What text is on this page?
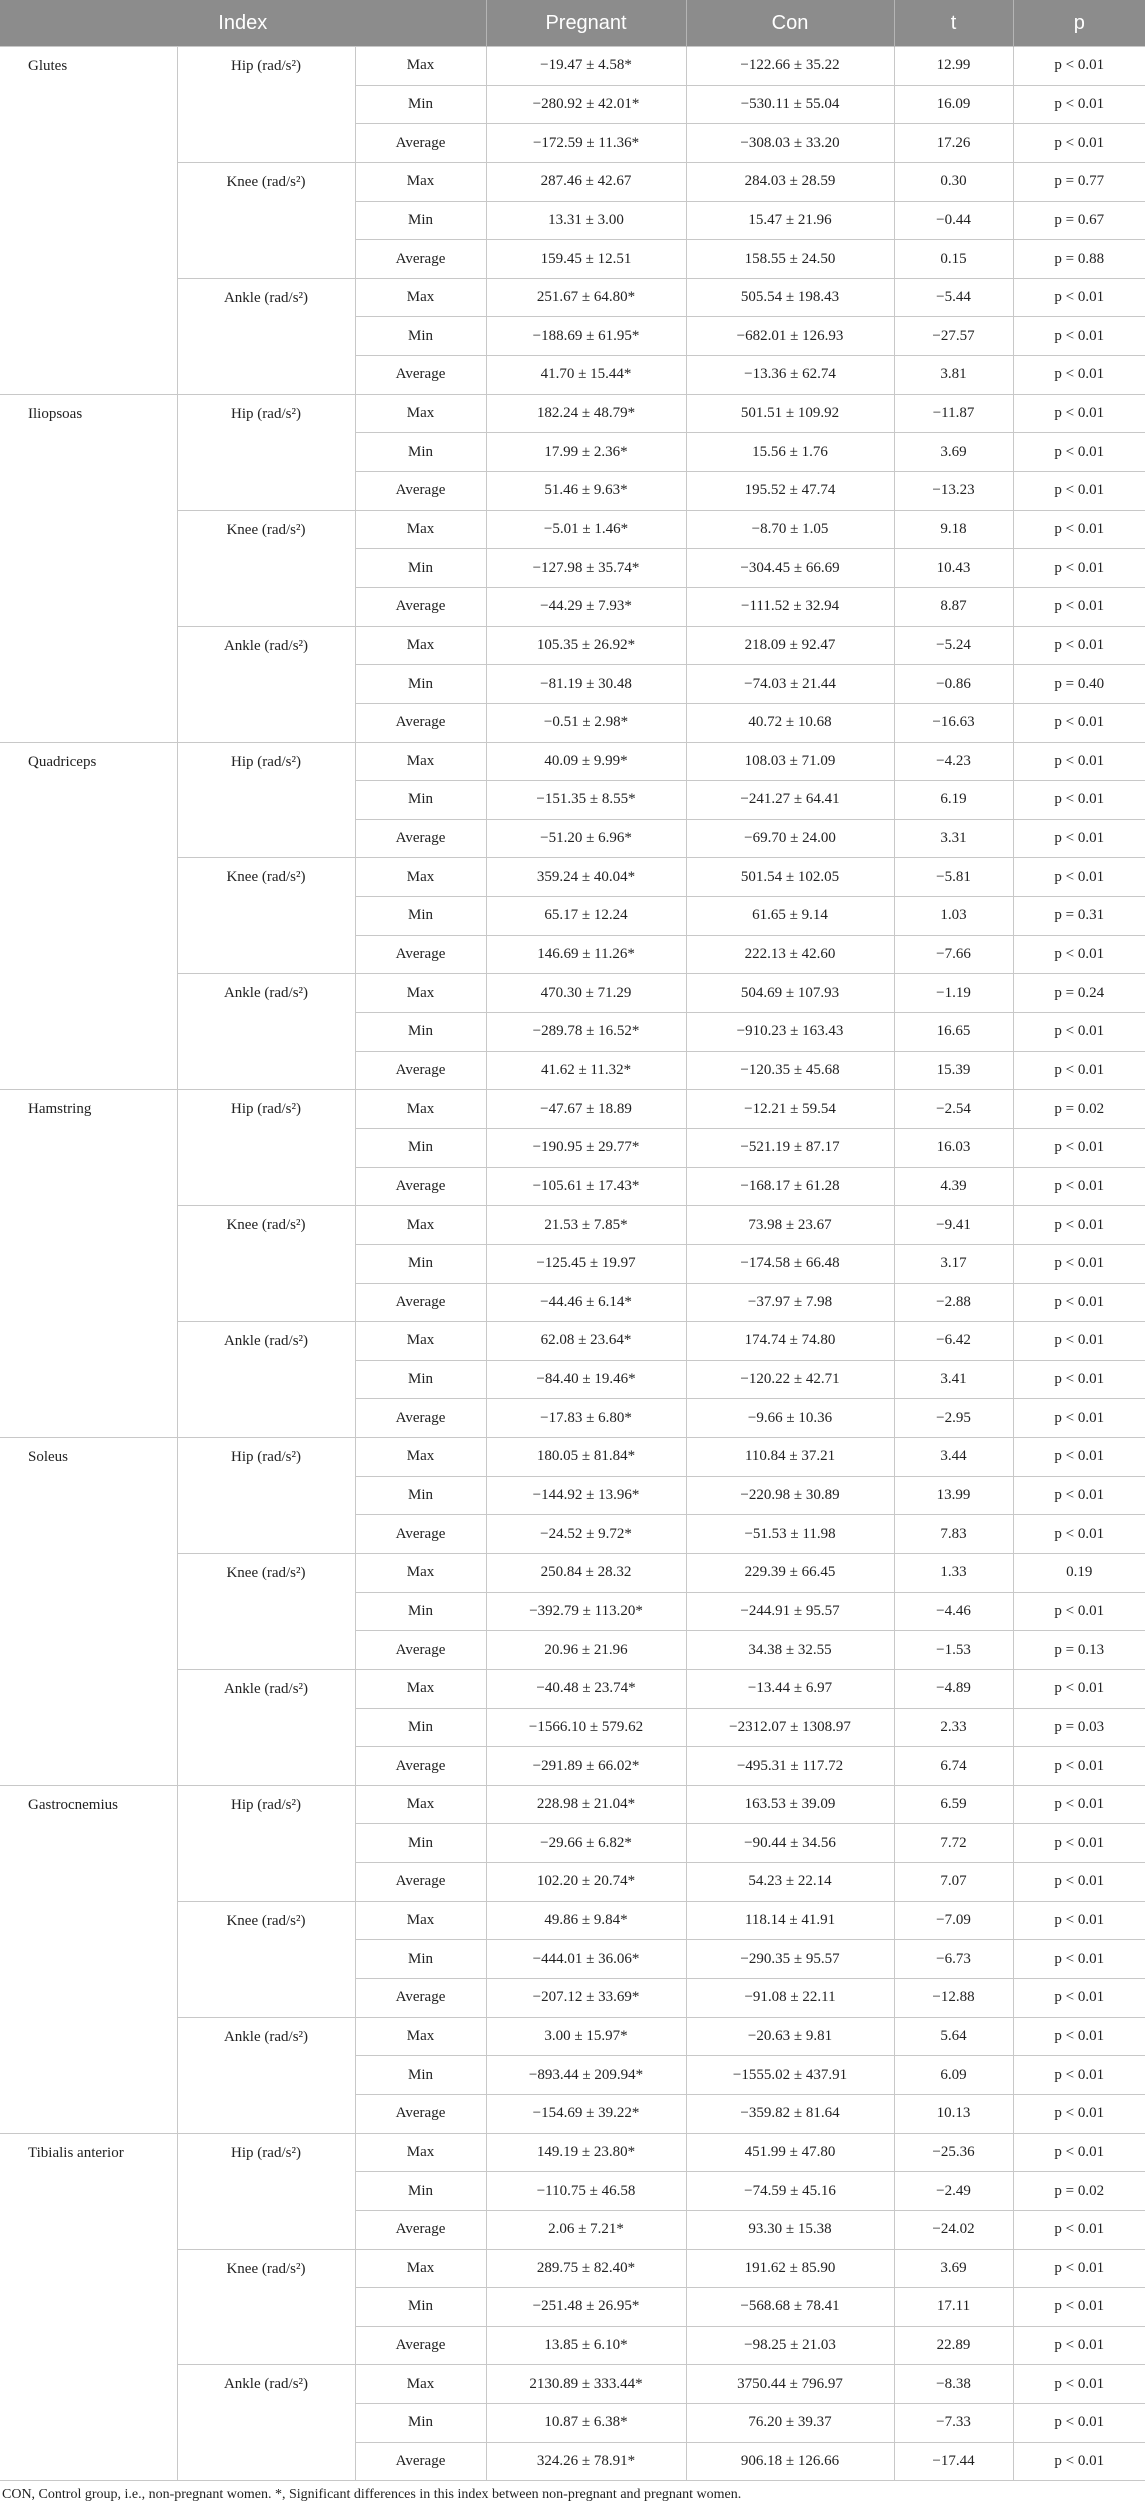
Index			Pregnant	Con	t	p
Glutes	Hip (rad/s²)	Max	−19.47 ± 4.58*	−122.66 ± 35.22	12.99	p < 0.01
		Min	−280.92 ± 42.01*	−530.11 ± 55.04	16.09	p < 0.01
		Average	−172.59 ± 11.36*	−308.03 ± 33.20	17.26	p < 0.01
	Knee (rad/s²)	Max	287.46 ± 42.67	284.03 ± 28.59	0.30	p = 0.77
		Min	13.31 ± 3.00	15.47 ± 21.96	−0.44	p = 0.67
		Average	159.45 ± 12.51	158.55 ± 24.50	0.15	p = 0.88
	Ankle (rad/s²)	Max	251.67 ± 64.80*	505.54 ± 198.43	−5.44	p < 0.01
		Min	−188.69 ± 61.95*	−682.01 ± 126.93	−27.57	p < 0.01
		Average	41.70 ± 15.44*	−13.36 ± 62.74	3.81	p < 0.01
Iliopsoas	Hip (rad/s²)	Max	182.24 ± 48.79*	501.51 ± 109.92	−11.87	p < 0.01
		Min	17.99 ± 2.36*	15.56 ± 1.76	3.69	p < 0.01
		Average	51.46 ± 9.63*	195.52 ± 47.74	−13.23	p < 0.01
	Knee (rad/s²)	Max	−5.01 ± 1.46*	−8.70 ± 1.05	9.18	p < 0.01
		Min	−127.98 ± 35.74*	−304.45 ± 66.69	10.43	p < 0.01
		Average	−44.29 ± 7.93*	−111.52 ± 32.94	8.87	p < 0.01
	Ankle (rad/s²)	Max	105.35 ± 26.92*	218.09 ± 92.47	−5.24	p < 0.01
		Min	−81.19 ± 30.48	−74.03 ± 21.44	−0.86	p = 0.40
		Average	−0.51 ± 2.98*	40.72 ± 10.68	−16.63	p < 0.01
Quadriceps	Hip (rad/s²)	Max	40.09 ± 9.99*	108.03 ± 71.09	−4.23	p < 0.01
		Min	−151.35 ± 8.55*	−241.27 ± 64.41	6.19	p < 0.01
		Average	−51.20 ± 6.96*	−69.70 ± 24.00	3.31	p < 0.01
	Knee (rad/s²)	Max	359.24 ± 40.04*	501.54 ± 102.05	−5.81	p < 0.01
		Min	65.17 ± 12.24	61.65 ± 9.14	1.03	p = 0.31
		Average	146.69 ± 11.26*	222.13 ± 42.60	−7.66	p < 0.01
	Ankle (rad/s²)	Max	470.30 ± 71.29	504.69 ± 107.93	−1.19	p = 0.24
		Min	−289.78 ± 16.52*	−910.23 ± 163.43	16.65	p < 0.01
		Average	41.62 ± 11.32*	−120.35 ± 45.68	15.39	p < 0.01
Hamstring	Hip (rad/s²)	Max	−47.67 ± 18.89	−12.21 ± 59.54	−2.54	p = 0.02
		Min	−190.95 ± 29.77*	−521.19 ± 87.17	16.03	p < 0.01
		Average	−105.61 ± 17.43*	−168.17 ± 61.28	4.39	p < 0.01
	Knee (rad/s²)	Max	21.53 ± 7.85*	73.98 ± 23.67	−9.41	p < 0.01
		Min	−125.45 ± 19.97	−174.58 ± 66.48	3.17	p < 0.01
		Average	−44.46 ± 6.14*	−37.97 ± 7.98	−2.88	p < 0.01
	Ankle (rad/s²)	Max	62.08 ± 23.64*	174.74 ± 74.80	−6.42	p < 0.01
		Min	−84.40 ± 19.46*	−120.22 ± 42.71	3.41	p < 0.01
		Average	−17.83 ± 6.80*	−9.66 ± 10.36	−2.95	p < 0.01
Soleus	Hip (rad/s²)	Max	180.05 ± 81.84*	110.84 ± 37.21	3.44	p < 0.01
		Min	−144.92 ± 13.96*	−220.98 ± 30.89	13.99	p < 0.01
		Average	−24.52 ± 9.72*	−51.53 ± 11.98	7.83	p < 0.01
	Knee (rad/s²)	Max	250.84 ± 28.32	229.39 ± 66.45	1.33	0.19
		Min	−392.79 ± 113.20*	−244.91 ± 95.57	−4.46	p < 0.01
		Average	20.96 ± 21.96	34.38 ± 32.55	−1.53	p = 0.13
	Ankle (rad/s²)	Max	−40.48 ± 23.74*	−13.44 ± 6.97	−4.89	p < 0.01
		Min	−1566.10 ± 579.62	−2312.07 ± 1308.97	2.33	p = 0.03
		Average	−291.89 ± 66.02*	−495.31 ± 117.72	6.74	p < 0.01
Gastrocnemius	Hip (rad/s²)	Max	228.98 ± 21.04*	163.53 ± 39.09	6.59	p < 0.01
		Min	−29.66 ± 6.82*	−90.44 ± 34.56	7.72	p < 0.01
		Average	102.20 ± 20.74*	54.23 ± 22.14	7.07	p < 0.01
	Knee (rad/s²)	Max	49.86 ± 9.84*	118.14 ± 41.91	−7.09	p < 0.01
		Min	−444.01 ± 36.06*	−290.35 ± 95.57	−6.73	p < 0.01
		Average	−207.12 ± 33.69*	−91.08 ± 22.11	−12.88	p < 0.01
	Ankle (rad/s²)	Max	3.00 ± 15.97*	−20.63 ± 9.81	5.64	p < 0.01
		Min	−893.44 ± 209.94*	−1555.02 ± 437.91	6.09	p < 0.01
		Average	−154.69 ± 39.22*	−359.82 ± 81.64	10.13	p < 0.01
Tibialis anterior	Hip (rad/s²)	Max	149.19 ± 23.80*	451.99 ± 47.80	−25.36	p < 0.01
		Min	−110.75 ± 46.58	−74.59 ± 45.16	−2.49	p = 0.02
		Average	2.06 ± 7.21*	93.30 ± 15.38	−24.02	p < 0.01
	Knee (rad/s²)	Max	289.75 ± 82.40*	191.62 ± 85.90	3.69	p < 0.01
		Min	−251.48 ± 26.95*	−568.68 ± 78.41	17.11	p < 0.01
		Average	13.85 ± 6.10*	−98.25 ± 21.03	22.89	p < 0.01
	Ankle (rad/s²)	Max	2130.89 ± 333.44*	3750.44 ± 796.97	−8.38	p < 0.01
		Min	10.87 ± 6.38*	76.20 ± 39.37	−7.33	p < 0.01
		Average	324.26 ± 78.91*	906.18 ± 126.66	−17.44	p < 0.01
CON, Control group, i.e., non-pregnant women. *, Significant differences in this index between non-pregnant and pregnant women.
